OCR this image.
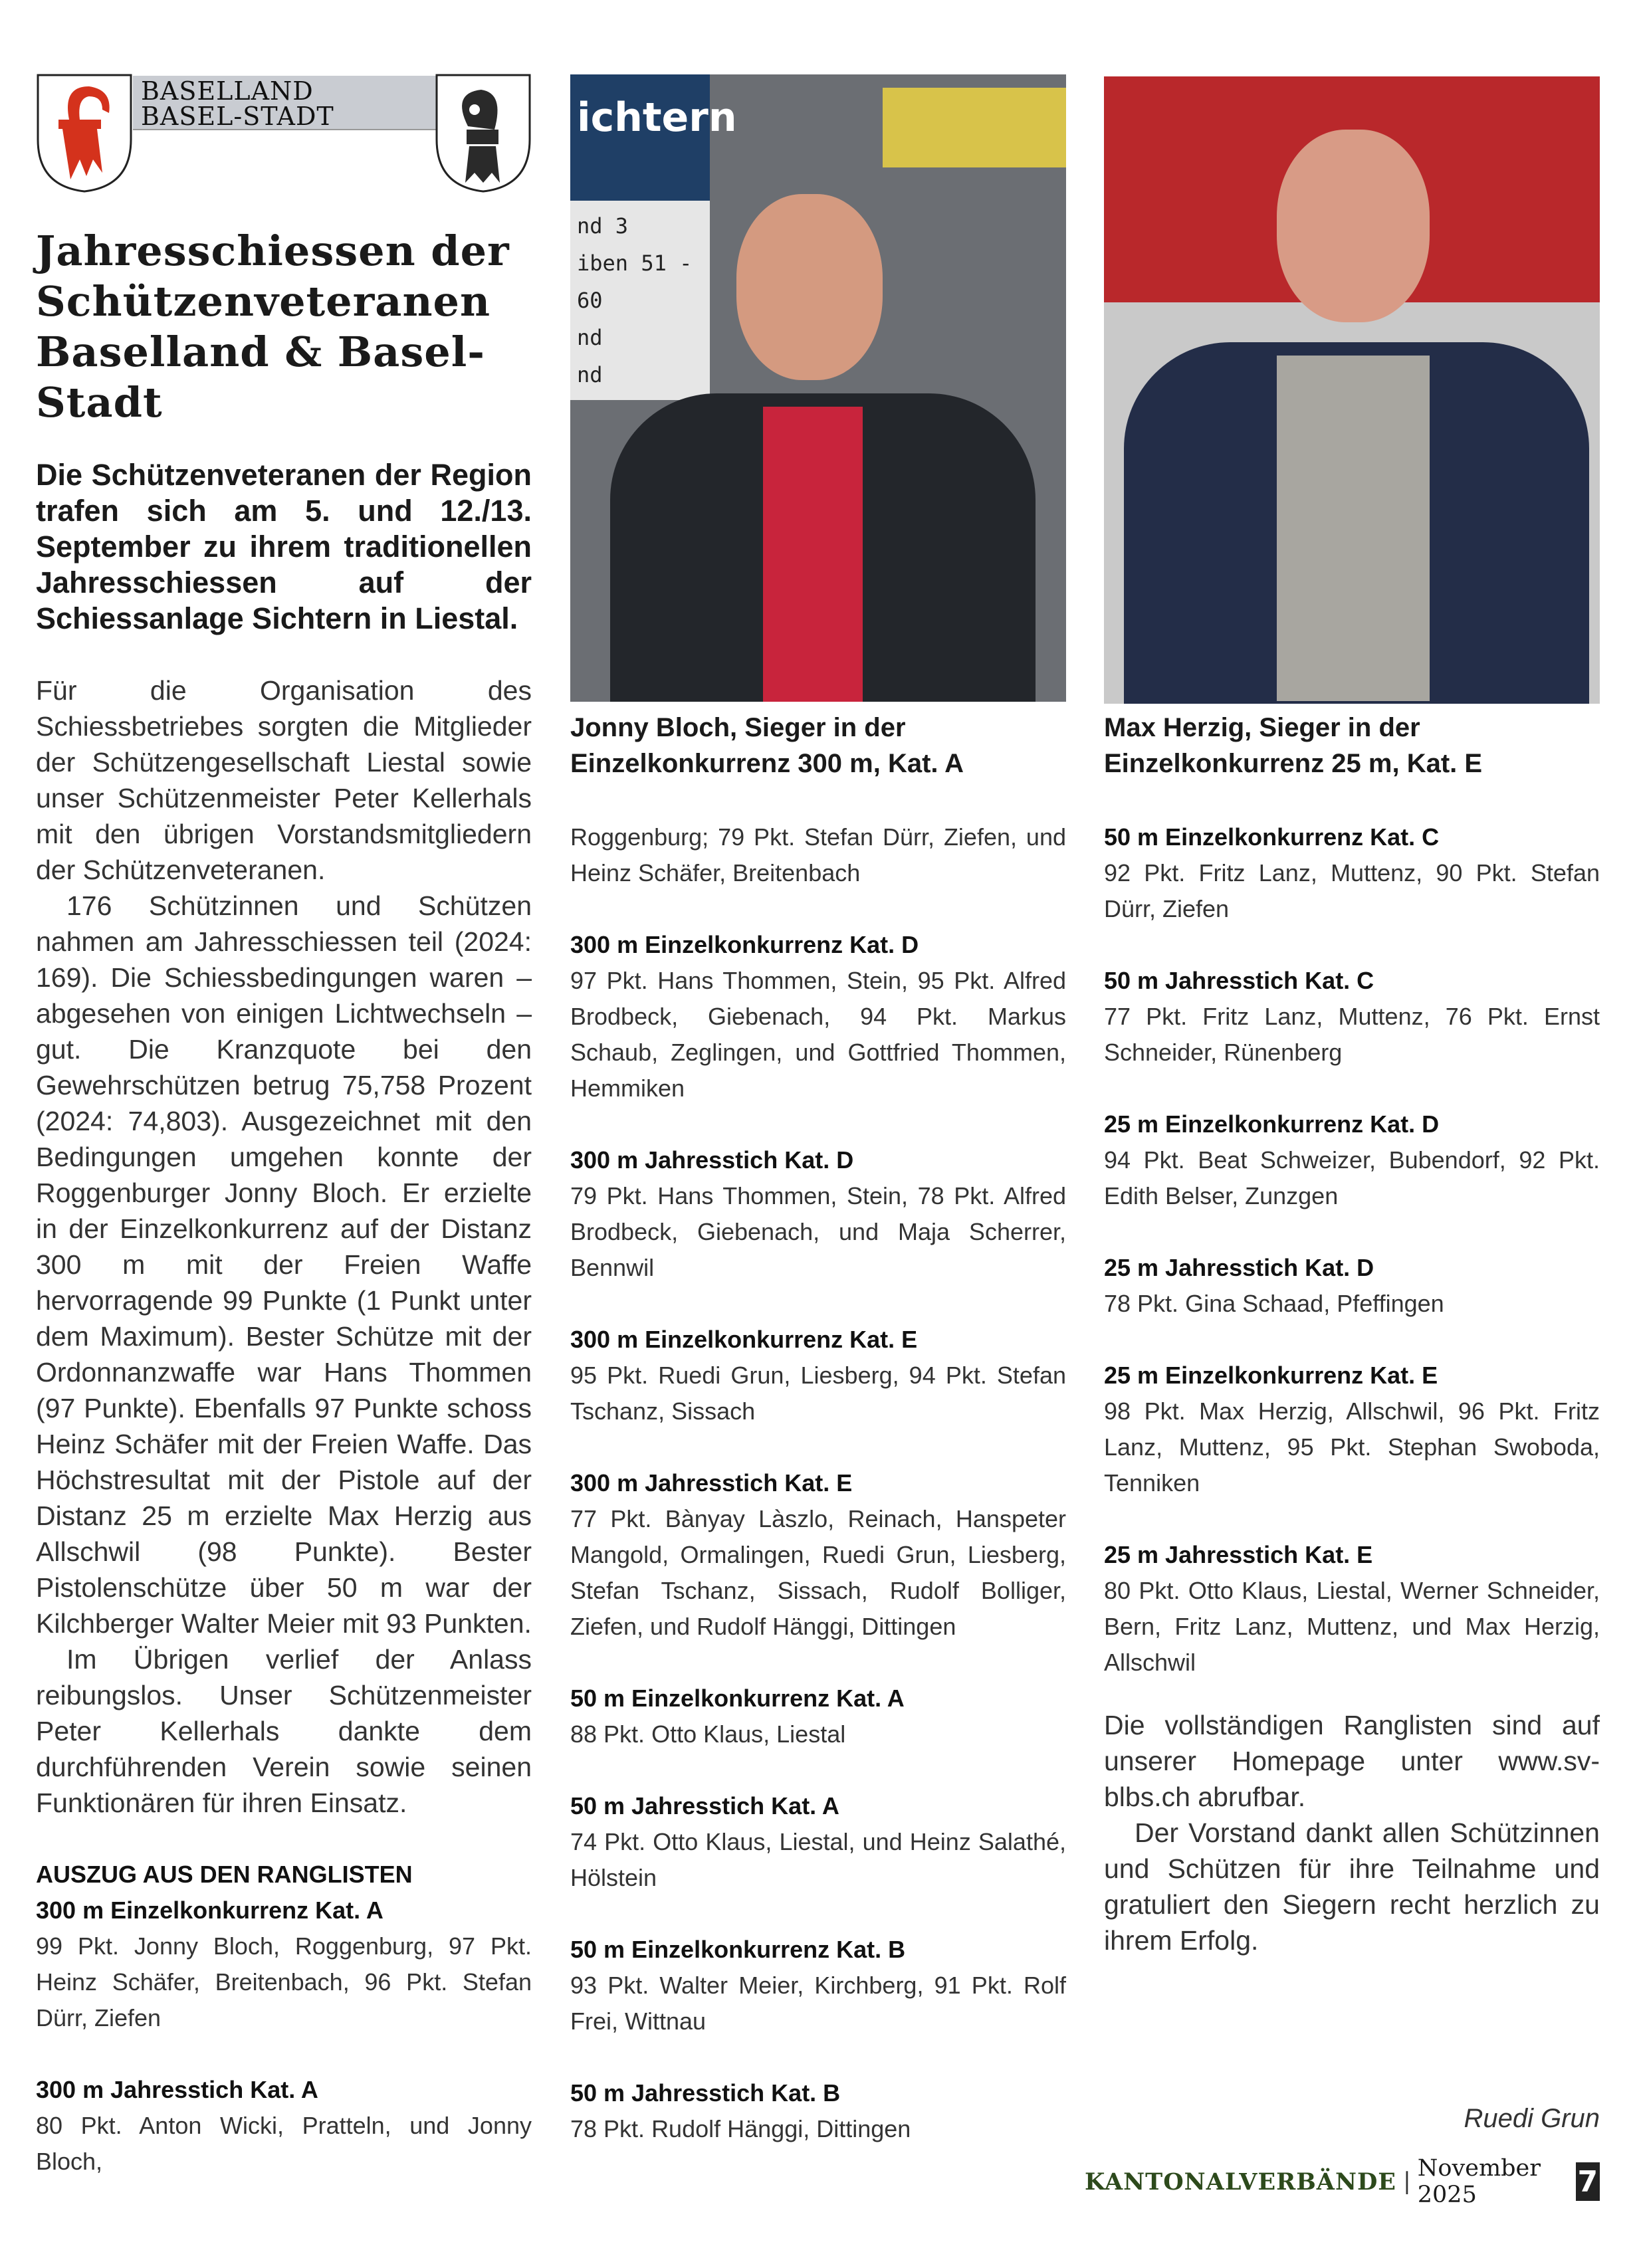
BASELLAND
BASEL-STADT
Jahresschiessen der Schützenveteranen Baselland & Basel-Stadt

Die Schützenveteranen der Region trafen sich am 5. und 12./13. September zu ihrem traditionellen Jahresschiessen auf der Schiessanlage Sichtern in Liestal.

Für die Organisation des Schiessbetriebes sorgten die Mitglieder der Schützengesellschaft Liestal sowie unser Schützenmeister Peter Kellerhals mit den übrigen Vorstandsmitgliedern der Schützenveteranen.

176 Schützinnen und Schützen nahmen am Jahresschiessen teil (2024: 169). Die Schiessbedingungen waren – abgesehen von einigen Lichtwechseln – gut. Die Kranzquote bei den Gewehrschützen betrug 75,758 Prozent (2024: 74,803). Ausgezeichnet mit den Bedingungen umgehen konnte der Roggenburger Jonny Bloch. Er erzielte in der Einzelkonkurrenz auf der Distanz 300 m mit der Freien Waffe hervorragende 99 Punkte (1 Punkt unter dem Maximum). Bester Schütze mit der Ordonnanzwaffe war Hans Thommen (97 Punkte). Ebenfalls 97 Punkte schoss Heinz Schäfer mit der Freien Waffe. Das Höchstresultat mit der Pistole auf der Distanz 25 m erzielte Max Herzig aus Allschwil (98 Punkte). Bester Pistolenschütze über 50 m war der Kilchberger Walter Meier mit 93 Punkten.

Im Übrigen verlief der Anlass reibungslos. Unser Schützenmeister Peter Kellerhals dankte dem durchführenden Verein sowie seinen Funktionären für ihren Einsatz.

AUSZUG AUS DEN RANGLISTEN
300 m Einzelkonkurrenz Kat. A
99 Pkt. Jonny Bloch, Roggenburg, 97 Pkt. Heinz Schäfer, Breitenbach, 96 Pkt. Stefan Dürr, Ziefen
300 m Jahresstich Kat. A
80 Pkt. Anton Wicki, Pratteln, und Jonny Bloch,
ichtern
nd 3
iben 51 - 60
nd
nd
Jonny Bloch, Sieger in der Einzelkonkurrenz 300 m, Kat. A
Max Herzig, Sieger in der Einzelkonkurrenz 25 m, Kat. E
Roggenburg; 79 Pkt. Stefan Dürr, Ziefen, und Heinz Schäfer, Breitenbach
300 m Einzelkonkurrenz Kat. D
97 Pkt. Hans Thommen, Stein, 95 Pkt. Alfred Brodbeck, Giebenach, 94 Pkt. Markus Schaub, Zeglingen, und Gottfried Thommen, Hemmiken
300 m Jahresstich Kat. D
79 Pkt. Hans Thommen, Stein, 78 Pkt. Alfred Brodbeck, Giebenach, und Maja Scherrer, Bennwil
300 m Einzelkonkurrenz Kat. E
95 Pkt. Ruedi Grun, Liesberg, 94 Pkt. Stefan Tschanz, Sissach
300 m Jahresstich Kat. E
77 Pkt. Bànyay Làszlo, Reinach, Hanspeter Mangold, Ormalingen, Ruedi Grun, Liesberg, Stefan Tschanz, Sissach, Rudolf Bolliger, Ziefen, und Rudolf Hänggi, Dittingen
50 m Einzelkonkurrenz Kat. A
88 Pkt. Otto Klaus, Liestal
50 m Jahresstich Kat. A
74 Pkt. Otto Klaus, Liestal, und Heinz Salathé, Hölstein
50 m Einzelkonkurrenz Kat. B
93 Pkt. Walter Meier, Kirchberg, 91 Pkt. Rolf Frei, Wittnau
50 m Jahresstich Kat. B
78 Pkt. Rudolf Hänggi, Dittingen
50 m Einzelkonkurrenz Kat. C
92 Pkt. Fritz Lanz, Muttenz, 90 Pkt. Stefan Dürr, Ziefen
50 m Jahresstich Kat. C
77 Pkt. Fritz Lanz, Muttenz, 76 Pkt. Ernst Schneider, Rünenberg
25 m Einzelkonkurrenz Kat. D
94 Pkt. Beat Schweizer, Bubendorf, 92 Pkt. Edith Belser, Zunzgen
25 m Jahresstich Kat. D
78 Pkt. Gina Schaad, Pfeffingen
25 m Einzelkonkurrenz Kat. E
98 Pkt. Max Herzig, Allschwil, 96 Pkt. Fritz Lanz, Muttenz, 95 Pkt. Stephan Swoboda, Tenniken
25 m Jahresstich Kat. E
80 Pkt. Otto Klaus, Liestal, Werner Schneider, Bern, Fritz Lanz, Muttenz, und Max Herzig, Allschwil

Die vollständigen Ranglisten sind auf unserer Homepage unter www.sv-blbs.ch abrufbar.

Der Vorstand dankt allen Schützinnen und Schützen für ihre Teilnahme und gratuliert den Siegern recht herzlich zu ihrem Erfolg.

Ruedi Grun
KANTONALVERBÄNDE | November 2025	7
